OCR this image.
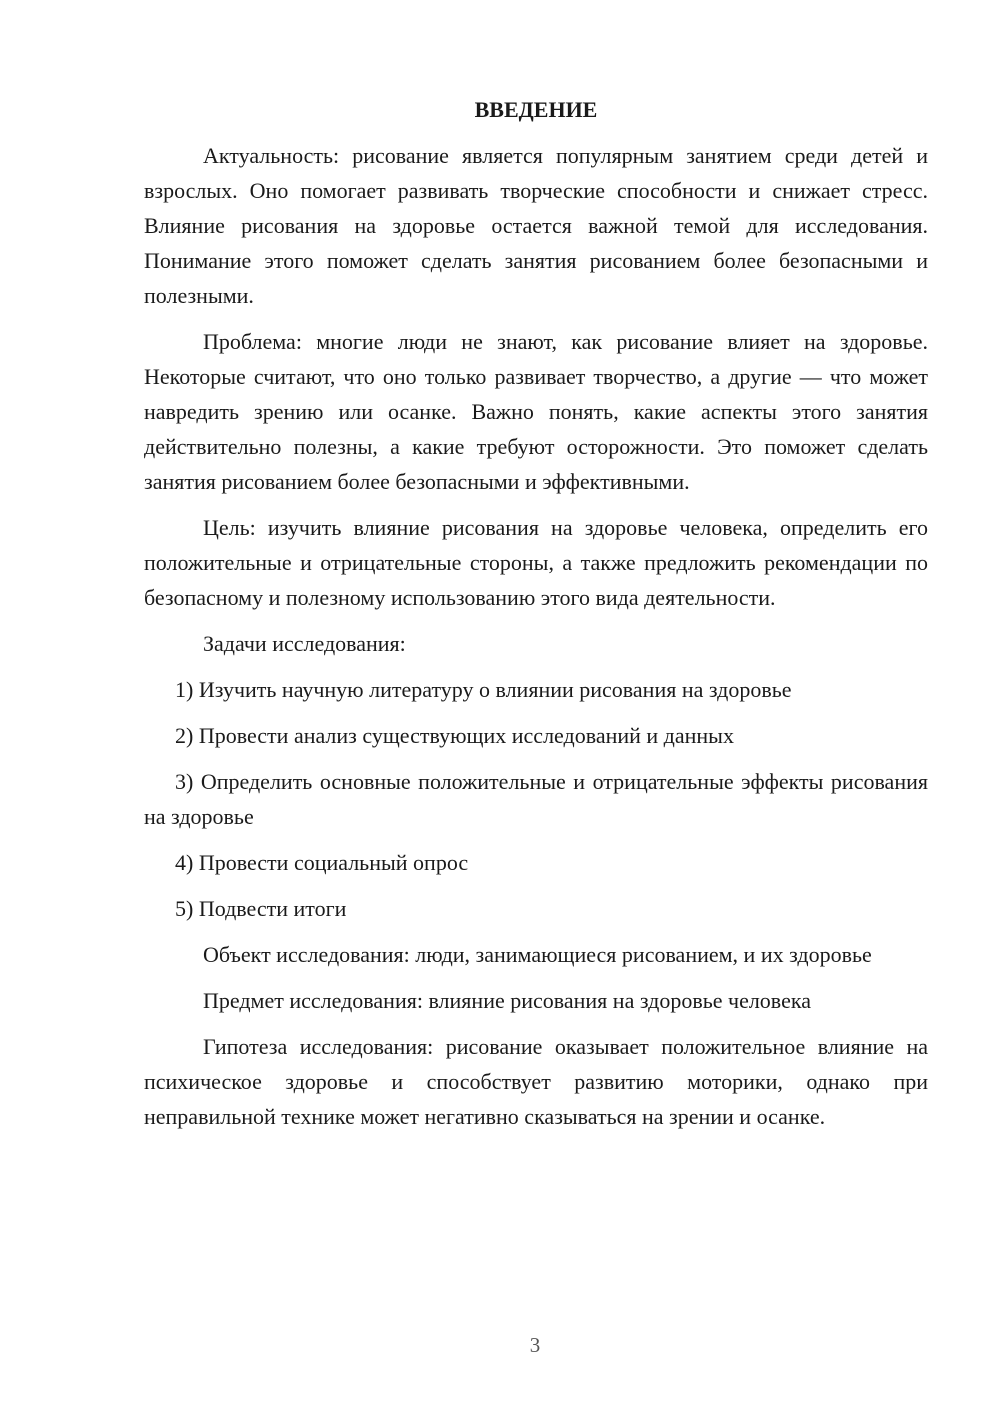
ВВЕДЕНИЕ

Актуальность: рисование является популярным занятием среди детей и взрослых. Оно помогает развивать творческие способности и снижает стресс. Влияние рисования на здоровье остается важной темой для исследования. Понимание этого поможет сделать занятия рисованием более безопасными и полезными.

Проблема: многие люди не знают, как рисование влияет на здоровье. Некоторые считают, что оно только развивает творчество, а другие — что может навредить зрению или осанке. Важно понять, какие аспекты этого занятия действительно полезны, а какие требуют осторожности. Это поможет сделать занятия рисованием более безопасными и эффективными.

Цель: изучить влияние рисования на здоровье человека, определить его положительные и отрицательные стороны, а также предложить рекомендации по безопасному и полезному использованию этого вида деятельности.

Задачи исследования:

1) Изучить научную литературу о влиянии рисования на здоровье

2) Провести анализ существующих исследований и данных

3) Определить основные положительные и отрицательные эффекты рисования на здоровье

4) Провести социальный опрос

5) Подвести итоги

Объект исследования: люди, занимающиеся рисованием, и их здоровье

Предмет исследования: влияние рисования на здоровье человека

Гипотеза исследования: рисование оказывает положительное влияние на психическое здоровье и способствует развитию моторики, однако при неправильной технике может негативно сказываться на зрении и осанке.

3
